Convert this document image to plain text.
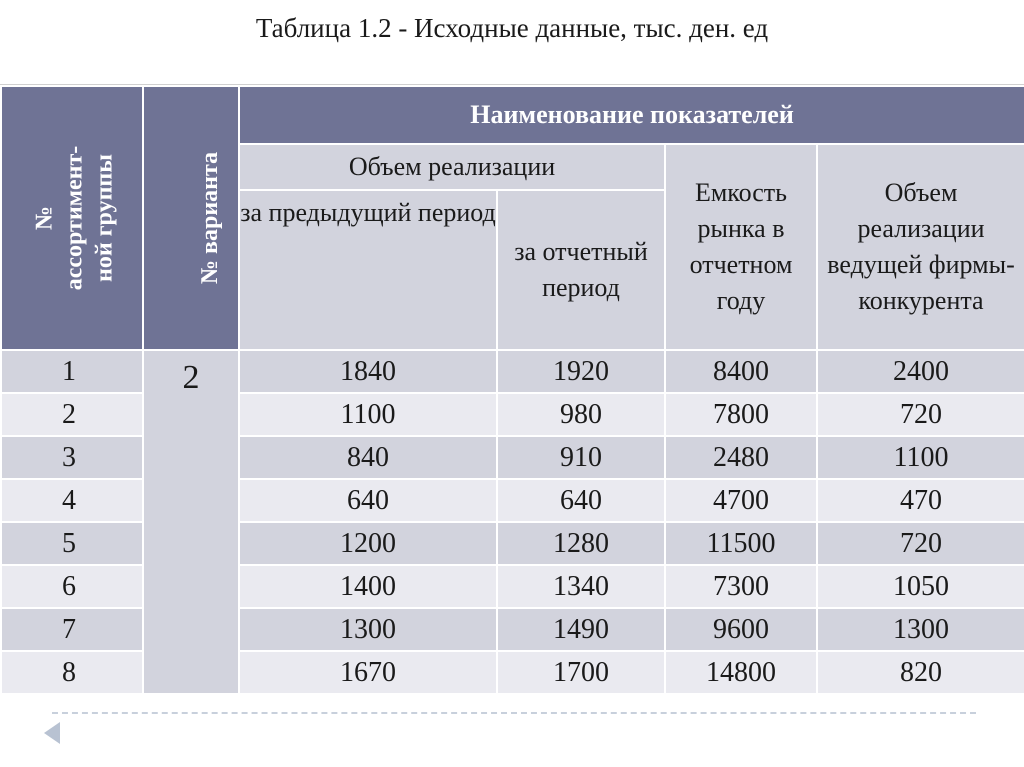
Таблица 1.2 - Исходные данные, тыс. ден. ед
№ ассортимент- ной группы	№ варианта	Наименование показателей			
		Объем реализации		Емкость рынка в отчетном году	Объем реализации ведущей фирмы-конкурента
		за предыдущий период	за отчетный период		
1	2	1840	1920	8400	2400
2		1100	980	7800	720
3		840	910	2480	1100
4		640	640	4700	470
5		1200	1280	11500	720
6		1400	1340	7300	1050
7		1300	1490	9600	1300
8		1670	1700	14800	820
